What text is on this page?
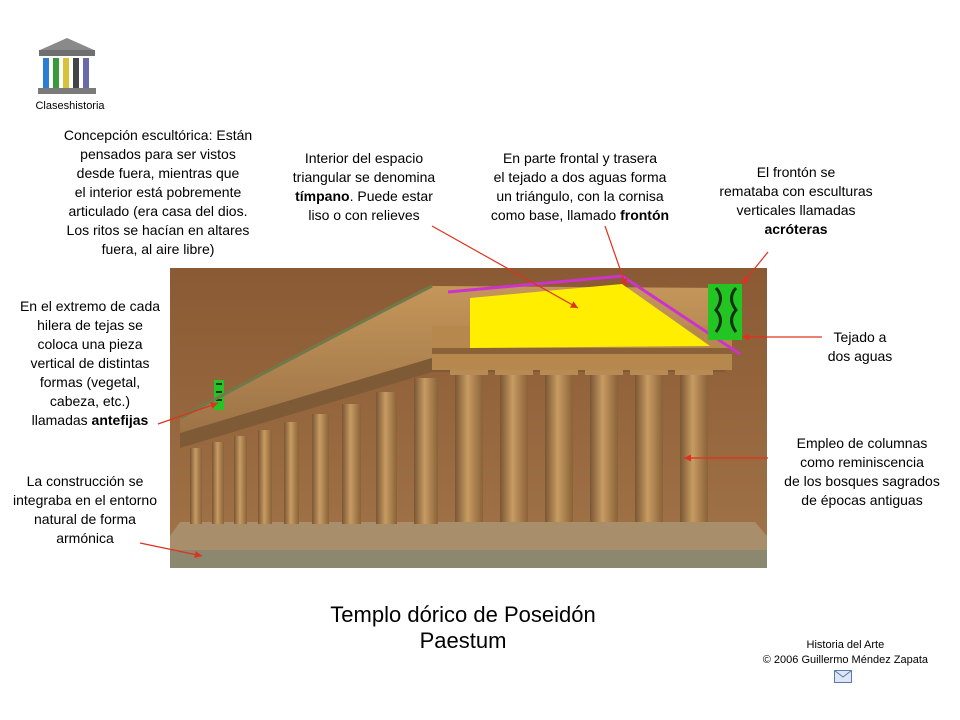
Claseshistoria
Concepción escultórica: Están
pensados para ser vistos
desde fuera, mientras que
el interior está pobremente
articulado (era casa del dios.
Los ritos se hacían en altares
fuera, al aire libre)
Interior del espacio
triangular se denomina
tímpano. Puede estar
liso o con relieves
En parte frontal y trasera
el tejado a dos aguas forma
un triángulo, con la cornisa
como base, llamado frontón
El frontón se
remataba con esculturas
verticales llamadas
acróteras
En el extremo de cada
hilera de tejas se
coloca una pieza
vertical de distintas
formas (vegetal,
cabeza, etc.)
llamadas antefijas
Tejado a
dos aguas
Empleo de columnas
como reminiscencia
de los bosques sagrados
de épocas antiguas
La construcción se
integraba en el entorno
natural de forma
armónica
Templo dórico de Poseidón
Paestum	Historia del Arte
© 2006 Guillermo Méndez Zapata
